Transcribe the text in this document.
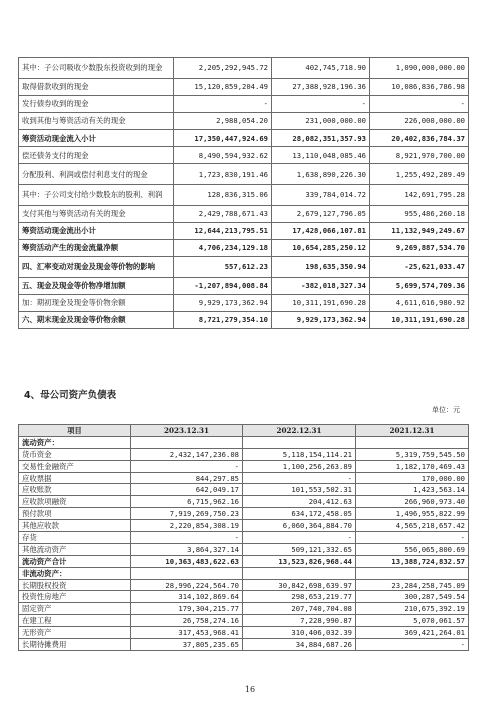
其中：子公司吸收少数股东投资收到的现金	2,205,292,945.72	402,745,718.90	1,090,000,000.00
取得借款收到的现金	15,120,859,204.49	27,388,928,196.36	10,086,836,786.98
发行债券收到的现金	-	-	-
收到其他与筹资活动有关的现金	2,988,054.20	231,000,000.00	226,000,000.00
筹资活动现金流入小计	17,350,447,924.69	28,082,351,357.93	20,402,836,784.37
偿还债务支付的现金	8,490,594,932.62	13,110,048,085.46	8,921,970,700.00
分配股利、利润或偿付利息支付的现金	1,723,830,191.46	1,638,890,226.30	1,255,492,289.49
其中：子公司支付给少数股东的股利、利润	128,836,315.06	339,784,014.72	142,691,795.28
支付其他与筹资活动有关的现金	2,429,788,671.43	2,679,127,796.05	955,486,260.18
筹资活动现金流出小计	12,644,213,795.51	17,428,066,107.81	11,132,949,249.67
筹资活动产生的现金流量净额	4,706,234,129.18	10,654,285,250.12	9,269,887,534.70
四、汇率变动对现金及现金等价物的影响	557,612.23	198,635,350.94	-25,621,033.47
五、现金及现金等价物净增加额	-1,207,894,008.84	-382,018,327.34	5,699,574,709.36
加：期初现金及现金等价物余额	9,929,173,362.94	10,311,191,690.28	4,611,616,980.92
六、期末现金及现金等价物余额	8,721,279,354.10	9,929,173,362.94	10,311,191,690.28
4、母公司资产负债表
单位：元
项目	2023.12.31	2022.12.31	2021.12.31
流动资产：			
货币资金	2,432,147,236.08	5,118,154,114.21	5,319,759,545.50
交易性金融资产	-	1,100,256,263.89	1,182,170,469.43
应收票据	844,297.85	-	170,000.00
应收账款	642,049.17	101,553,502.31	1,423,563.14
应收款项融资	6,715,962.16	204,412.63	266,960,973.40
预付款项	7,919,269,750.23	634,172,458.05	1,496,955,822.99
其他应收款	2,220,854,308.19	6,060,364,884.70	4,565,218,657.42
存货	-	-	-
其他流动资产	3,864,327.14	509,121,332.65	556,065,800.69
流动资产合计	10,363,483,622.63	13,523,826,968.44	13,388,724,832.57
非流动资产：			
长期股权投资	28,996,224,564.70	30,842,698,639.97	23,284,258,745.09
投资性房地产	314,102,869.64	298,653,219.77	300,287,549.54
固定资产	179,304,215.77	207,740,704.08	210,675,392.19
在建工程	26,758,274.16	7,228,990.87	5,070,061.57
无形资产	317,453,968.41	310,406,032.39	369,421,264.01
长期待摊费用	37,805,235.65	34,884,687.26	-
16
